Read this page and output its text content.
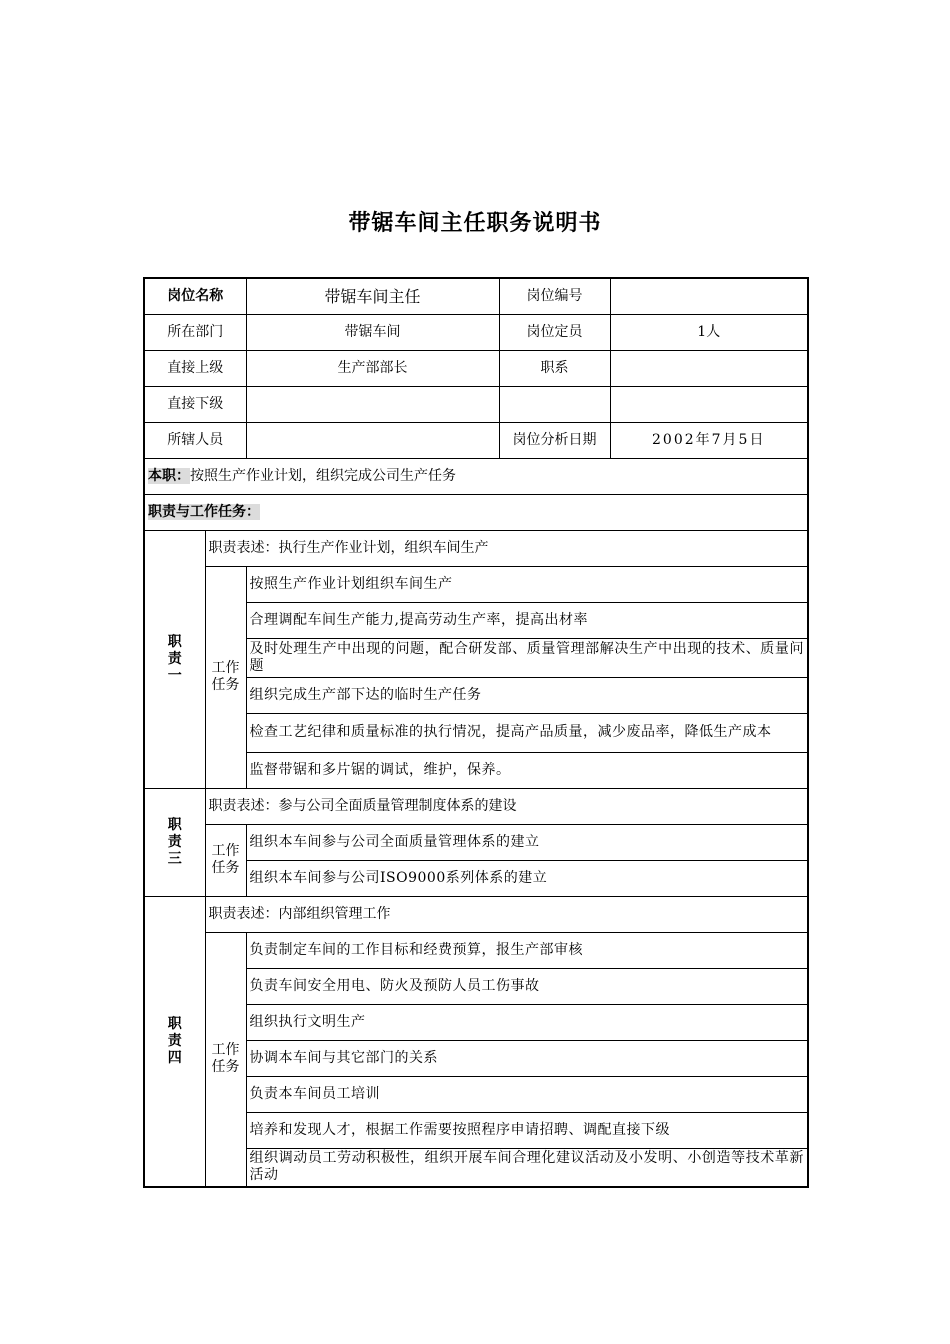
带锯车间主任职务说明书
岗位名称		带锯车间主任	岗位编号	
所在部门		带锯车间	岗位定员	1人
直接上级		生产部部长	职系	
直接下级				
所辖人员			岗位分析日期	2002年7月5日
本职：按照生产作业计划，组织完成公司生产任务				
职责与工作任务：				

职
责
一	职责表述：执行生产作业计划，组织车间生产			

	工作
任务	按照生产作业计划组织车间生产		
		合理调配车间生产能力,提高劳动生产率，提高出材率		
		及时处理生产中出现的问题，配合研发部、质量管理部解决生产中出现的技术、质量问题		
		组织完成生产部下达的临时生产任务		
		检查工艺纪律和质量标准的执行情况，提高产品质量，减少废品率，降低生产成本		
		监督带锯和多片锯的调试，维护，保养。		

职
责
三	职责表述：参与公司全面质量管理制度体系的建设			

	工作
任务	组织本车间参与公司全面质量管理体系的建立		
		组织本车间参与公司ISO9000系列体系的建立		

职
责
四	职责表述：内部组织管理工作			

	工作
任务	负责制定车间的工作目标和经费预算，报生产部审核		
		负责车间安全用电、防火及预防人员工伤事故		
		组织执行文明生产		
		协调本车间与其它部门的关系		
		负责本车间员工培训		
		培养和发现人才，根据工作需要按照程序申请招聘、调配直接下级		
		组织调动员工劳动积极性，组织开展车间合理化建议活动及小发明、小创造等技术革新活动		
